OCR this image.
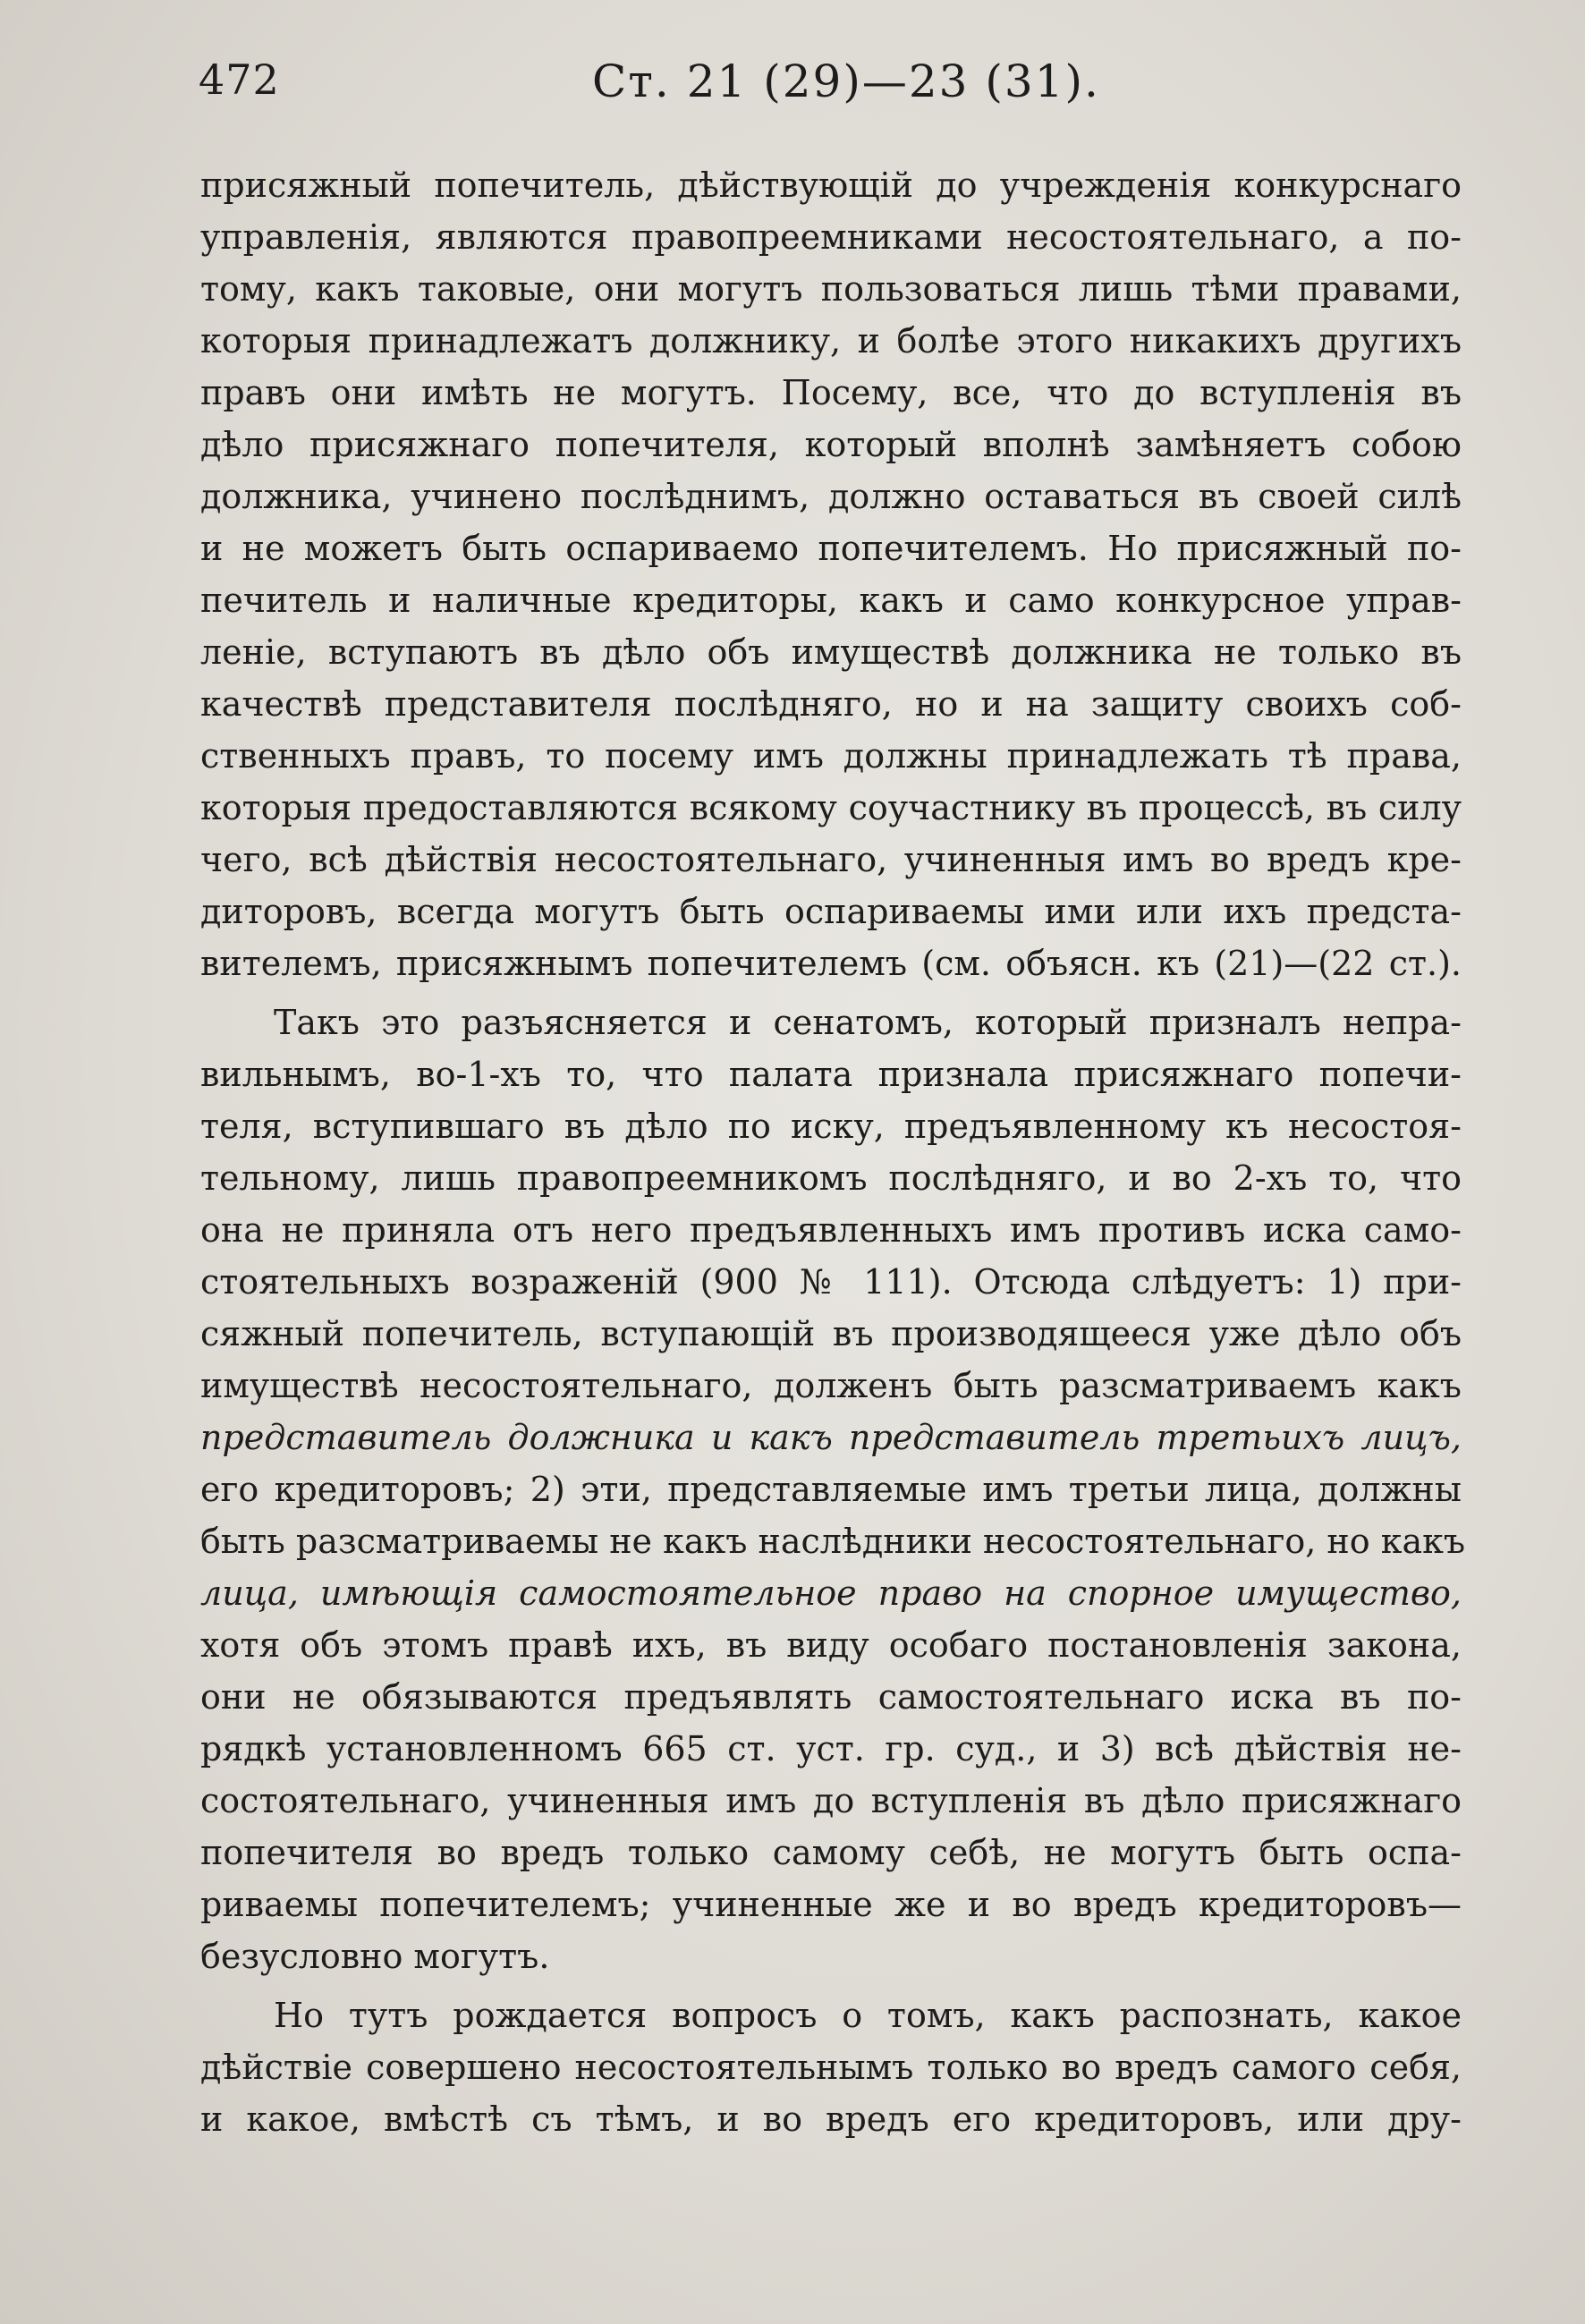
472	Ст. 21 (29)—23 (31).
присяжный попечитель, дѣйствующій до учрежденія конкурснаго
управленія, являются правопреемниками несостоятельнаго, а по-
тому, какъ таковые, они могутъ пользоваться лишь тѣми правами,
которыя принадлежатъ должнику, и болѣе этого никакихъ другихъ
правъ они имѣть не могутъ. Посему, все, что до вступленія въ
дѣло присяжнаго попечителя, который вполнѣ замѣняетъ собою
должника, учинено послѣднимъ, должно оставаться въ своей силѣ
и не можетъ быть оспариваемо попечителемъ. Но присяжный по-
печитель и наличные кредиторы, какъ и само конкурсное управ-
леніе, вступаютъ въ дѣло объ имуществѣ должника не только въ
качествѣ представителя послѣдняго, но и на защиту своихъ соб-
ственныхъ правъ, то посему имъ должны принадлежать тѣ права,
которыя предоставляются всякому соучастнику въ процессѣ, въ силу
чего, всѣ дѣйствія несостоятельнаго, учиненныя имъ во вредъ кре-
диторовъ, всегда могутъ быть оспариваемы ими или ихъ предста-
вителемъ, присяжнымъ попечителемъ (см. объясн. къ (21)—(22 ст.).
Такъ это разъясняется и сенатомъ, который призналъ непра-
вильнымъ, во-1-хъ то, что палата признала присяжнаго попечи-
теля, вступившаго въ дѣло по иску, предъявленному къ несостоя-
тельному, лишь правопреемникомъ послѣдняго, и во 2-хъ то, что
она не приняла отъ него предъявленныхъ имъ противъ иска само-
стоятельныхъ возраженій (900 № 111). Отсюда слѣдуетъ: 1) при-
сяжный попечитель, вступающій въ производящееся уже дѣло объ
имуществѣ несостоятельнаго, долженъ быть разсматриваемъ какъ
представитель должника и какъ представитель третьихъ лицъ,
его кредиторовъ; 2) эти, представляемые имъ третьи лица, должны
быть разсматриваемы не какъ наслѣдники несостоятельнаго, но какъ
лица, имѣющія самостоятельное право на спорное имущество,
хотя объ этомъ правѣ ихъ, въ виду особаго постановленія закона,
они не обязываются предъявлять самостоятельнаго иска въ по-
рядкѣ установленномъ 665 ст. уст. гр. суд., и 3) всѣ дѣйствія не-
состоятельнаго, учиненныя имъ до вступленія въ дѣло присяжнаго
попечителя во вредъ только самому себѣ, не могутъ быть оспа-
риваемы попечителемъ; учиненные же и во вредъ кредиторовъ—
безусловно могутъ.
Но тутъ рождается вопросъ о томъ, какъ распознать, какое
дѣйствіе совершено несостоятельнымъ только во вредъ самого себя,
и какое, вмѣстѣ съ тѣмъ, и во вредъ его кредиторовъ, или дру-
